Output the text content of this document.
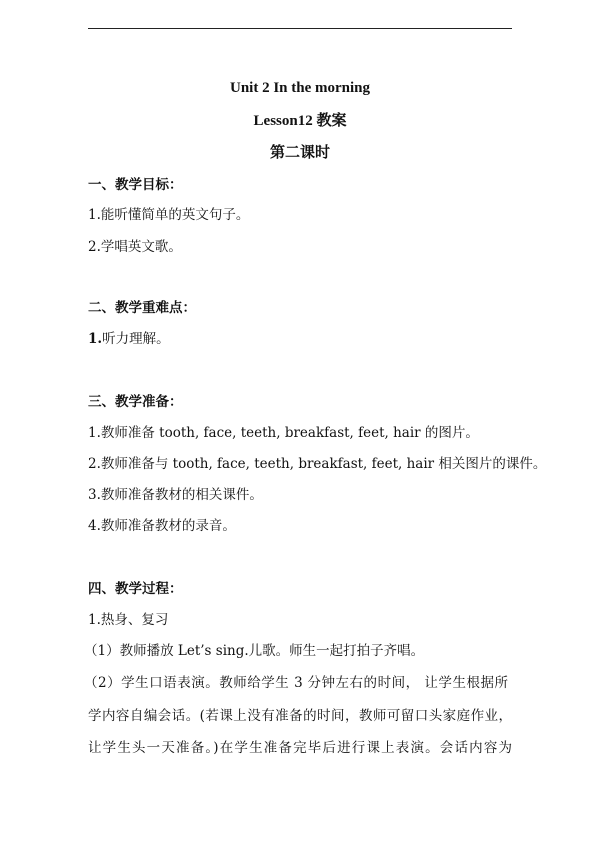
Unit 2 In the morning
Lesson12 教案
第二课时
一、教学目标：
1.能听懂简单的英文句子。
2.学唱英文歌。
二、教学重难点：
1.听力理解。
三、教学准备：
1.教师准备 tooth, face, teeth, breakfast, feet, hair 的图片。
2.教师准备与 tooth, face, teeth, breakfast, feet, hair 相关图片的课件。
3.教师准备教材的相关课件。
4.教师准备教材的录音。
四、教学过程：
1.热身、复习
（1）教师播放 Let’s sing.儿歌。师生一起打拍子齐唱。
（2）学生口语表演。教师给学生 3 分钟左右的时间， 让学生根据所
学内容自编会话。(若课上没有准备的时间，教师可留口头家庭作业，
让学生头一天准备。)在学生准备完毕后进行课上表演。会话内容为
